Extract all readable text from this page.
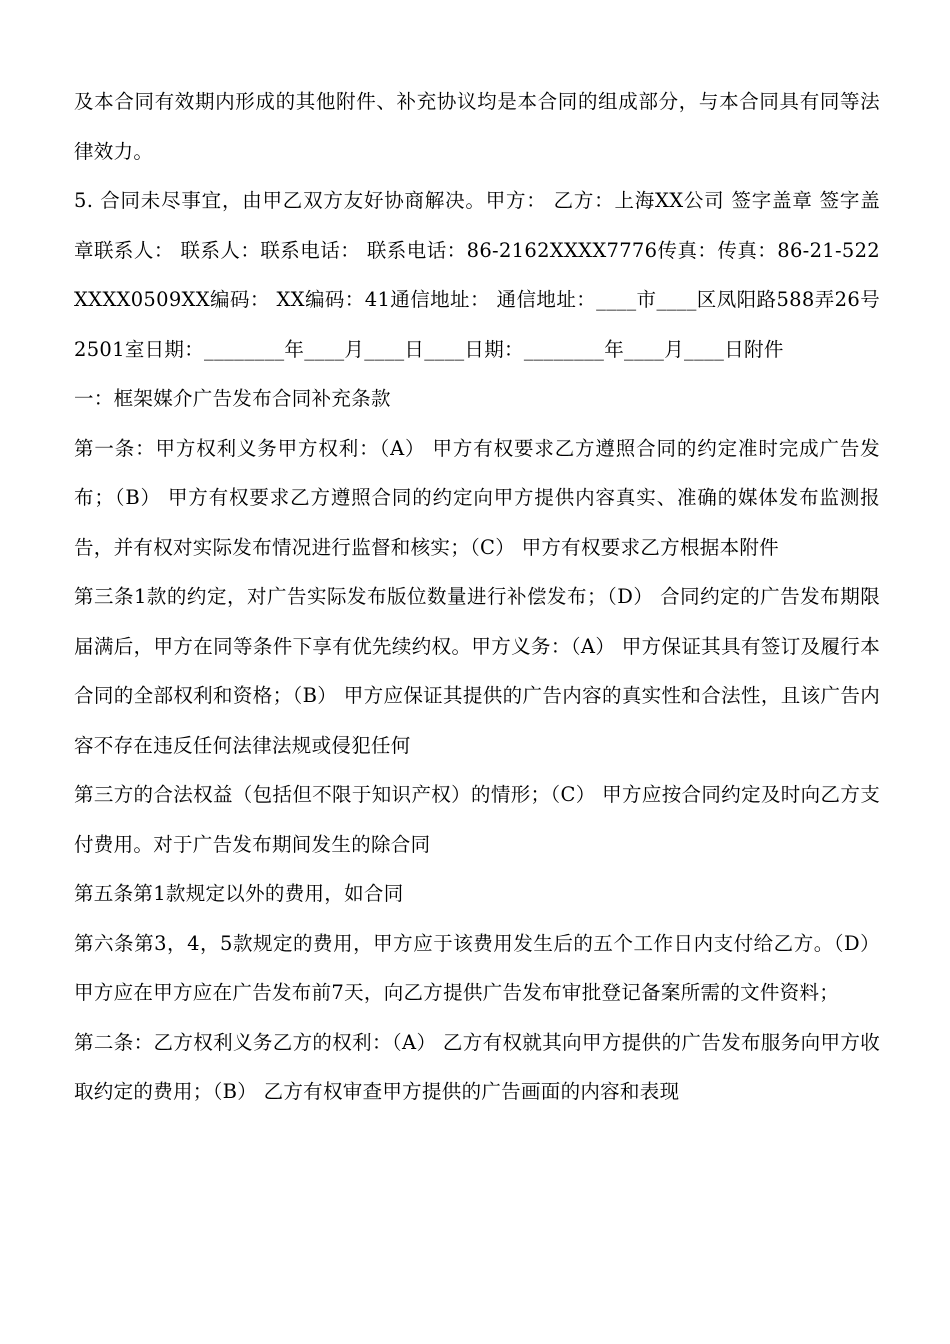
及本合同有效期内形成的其他附件、补充协议均是本合同的组成部分，与本合同具有同等法律效力。

5. 合同未尽事宜，由甲乙双方友好协商解决。甲方： 乙方：上海XX公司 签字盖章 签字盖章联系人： 联系人：联系电话： 联系电话：86-2162XXXX7776传真：传真：86-21-522XXXX0509XX编码： XX编码：41通信地址： 通信地址：____市____区凤阳路588弄26号2501室日期：________年____月____日____日期：________年____月____日附件

一：框架媒介广告发布合同补充条款

第一条：甲方权利义务甲方权利：（A） 甲方有权要求乙方遵照合同的约定准时完成广告发布；（B） 甲方有权要求乙方遵照合同的约定向甲方提供内容真实、准确的媒体发布监测报告，并有权对实际发布情况进行监督和核实；（C） 甲方有权要求乙方根据本附件

第三条1款的约定，对广告实际发布版位数量进行补偿发布；（D） 合同约定的广告发布期限届满后，甲方在同等条件下享有优先续约权。甲方义务：（A） 甲方保证其具有签订及履行本合同的全部权利和资格；（B） 甲方应保证其提供的广告内容的真实性和合法性，且该广告内容不存在违反任何法律法规或侵犯任何

第三方的合法权益（包括但不限于知识产权）的情形；（C） 甲方应按合同约定及时向乙方支付费用。对于广告发布期间发生的除合同

第五条第1款规定以外的费用，如合同

第六条第3，4，5款规定的费用，甲方应于该费用发生后的五个工作日内支付给乙方。（D） 甲方应在甲方应在广告发布前7天，向乙方提供广告发布审批登记备案所需的文件资料；

第二条：乙方权利义务乙方的权利：（A） 乙方有权就其向甲方提供的广告发布服务向甲方收取约定的费用；（B） 乙方有权审查甲方提供的广告画面的内容和表现
